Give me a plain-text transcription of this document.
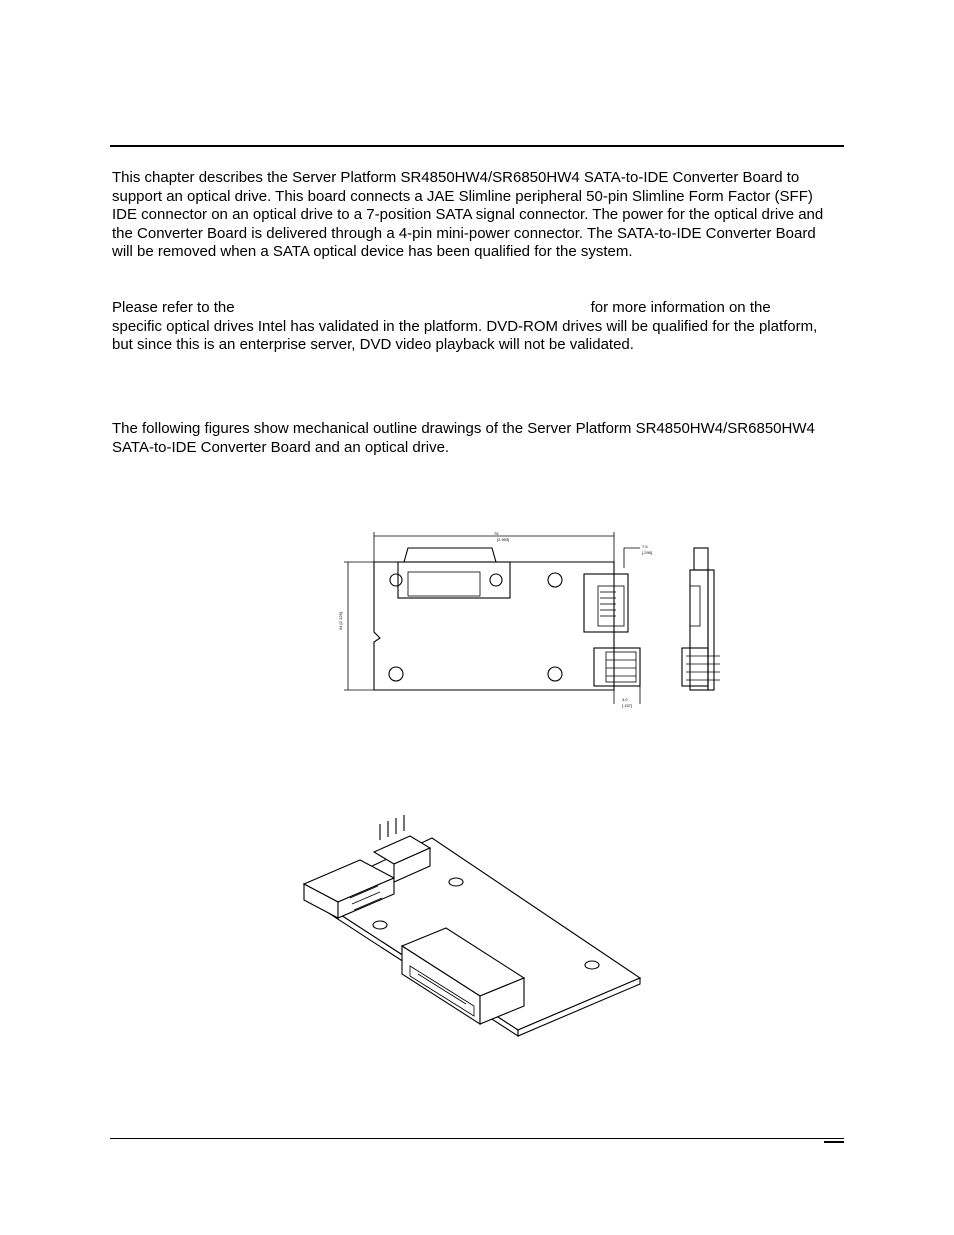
This chapter describes the Server Platform SR4850HW4/SR6850HW4 SATA-to-IDE Converter Board to support an optical drive. This board connects a JAE Slimline peripheral 50-pin Slimline Form Factor (SFF) IDE connector on an optical drive to a 7-position SATA signal connector. The power for the optical drive and the Converter Board is delivered through a 4-pin mini-power connector. The SATA-to-IDE Converter Board will be removed when a SATA optical device has been qualified for the system.

Please refer to the	for more information on the specific optical drives Intel has validated in the platform. DVD-ROM drives will be qualified for the platform, but since this is an enterprise server, DVD video playback will not be validated.

The following figures show mechanical outline drawings of the Server Platform SR4850HW4/SR6850HW4 SATA-to-IDE Converter Board and an optical drive.

75
[2.953]
54 [2.126]
7.5
[.295]
4.0
[.157]
